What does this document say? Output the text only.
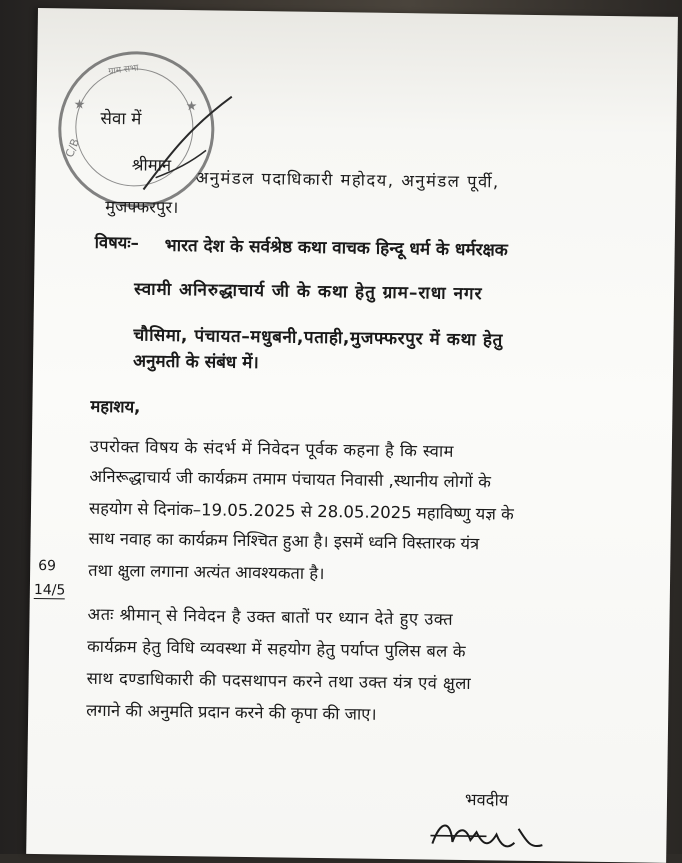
ग्राम सभा
C/B
★	★
सेवा में
श्रीमान
अनुमंडल पदाधिकारी महोदय, अनुमंडल पूर्वी,
मुजफ्फरपुर।
विषयः– भारत देश के सर्वश्रेष्ठ कथा वाचक हिन्दू धर्म के धर्मरक्षक
स्वामी अनिरुद्धाचार्य जी के कथा हेतु ग्राम–राधा नगर
चौसिमा, पंचायत–मधुबनी,पताही,मुजफ्फरपुर में कथा हेतु
अनुमती के संबंध में।
महाशय,
उपरोक्त विषय के संदर्भ में निवेदन पूर्वक कहना है कि स्वाम
अनिरूद्धाचार्य जी कार्यक्रम तमाम पंचायत निवासी ,स्थानीय लोगों के
सहयोग से दिनांक–19.05.2025 से 28.05.2025 महाविष्णु यज्ञ के
साथ नवाह का कार्यक्रम निश्चित हुआ है। इसमें ध्वनि विस्तारक यंत्र
तथा क्षुला लगाना अत्यंत आवश्यकता है।
69
14/5
अतः श्रीमान् से निवेदन है उक्त बातों पर ध्यान देते हुए उक्त
कार्यक्रम हेतु विधि व्यवस्था में सहयोग हेतु पर्याप्त पुलिस बल के
साथ दण्डाधिकारी की पदसथापन करने तथा उक्त यंत्र एवं क्षुला
लगाने की अनुमति प्रदान करने की कृपा की जाए।
भवदीय
